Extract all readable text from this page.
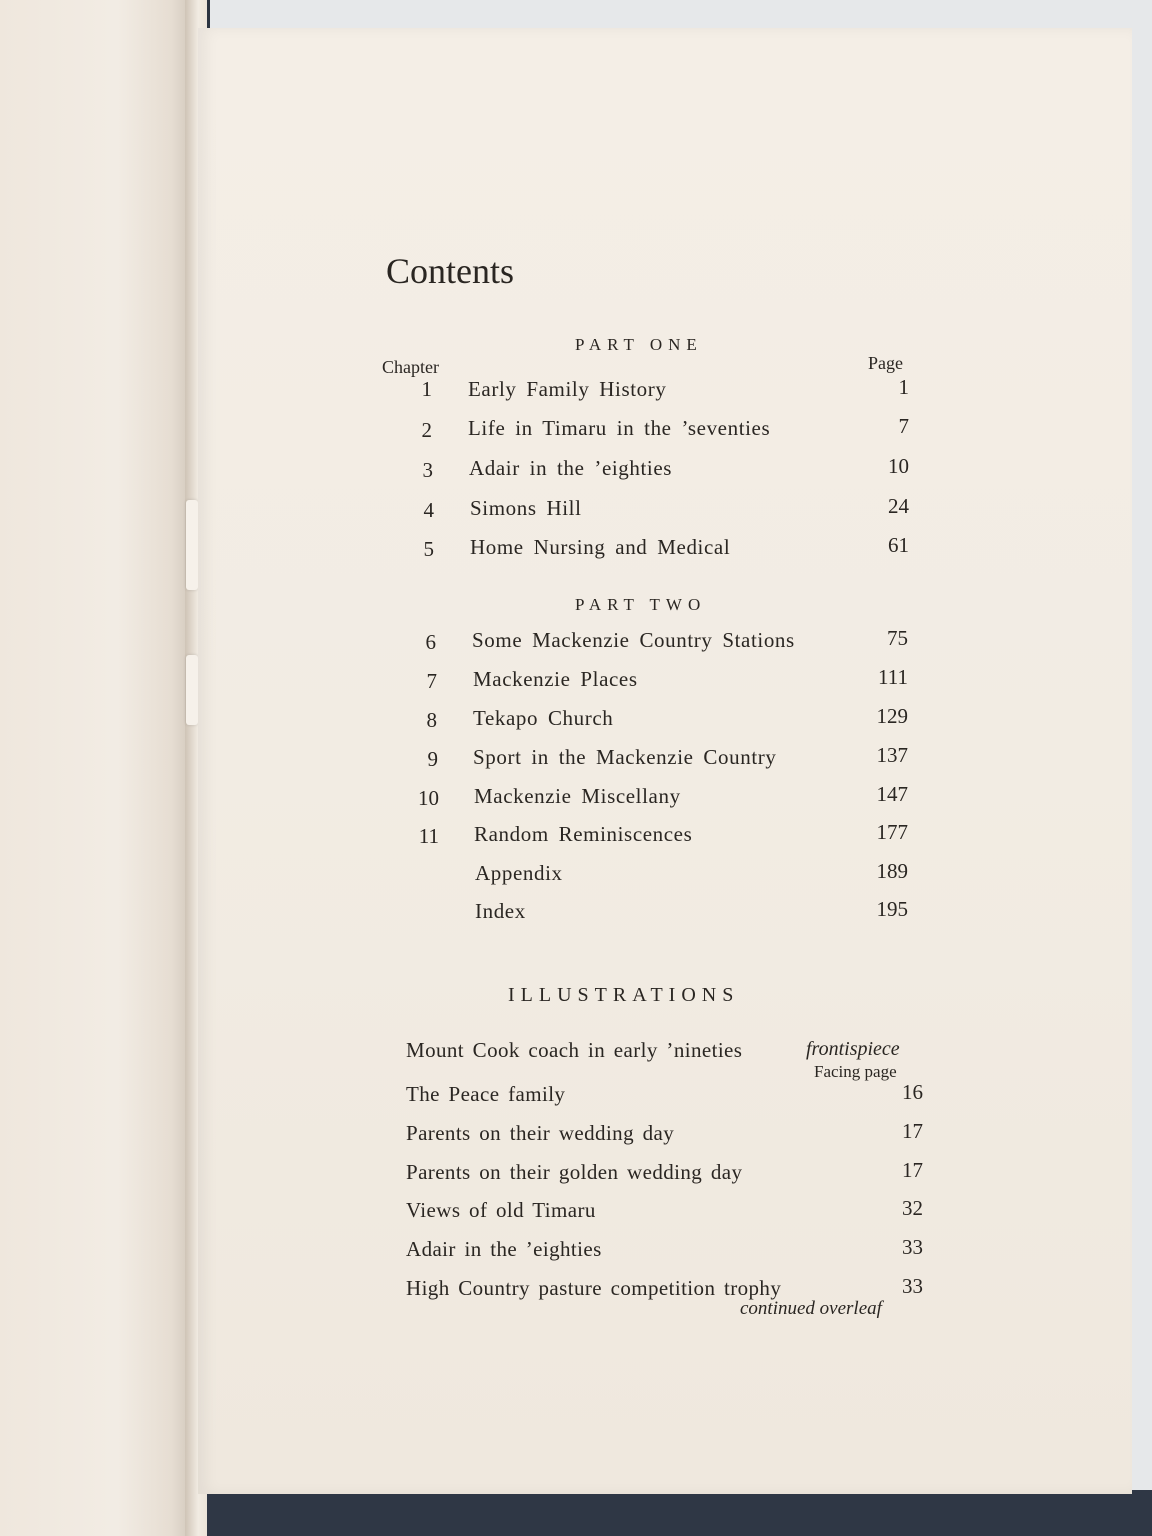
Contents
PART ONE
Chapter	Page
1 Early Family History	1
2 Life in Timaru in the ’seventies	7
3 Adair in the ’eighties	10
4 Simons Hill	24
5 Home Nursing and Medical	61
PART TWO
6 Some Mackenzie Country Stations	75
7 Mackenzie Places	111
8 Tekapo Church	129
9 Sport in the Mackenzie Country	137
10 Mackenzie Miscellany	147
11 Random Reminiscences	177
Appendix	189
Index	195
ILLUSTRATIONS
Mount Cook coach in early ’nineties	frontispiece
Facing page
The Peace family	16
Parents on their wedding day	17
Parents on their golden wedding day	17
Views of old Timaru	32
Adair in the ’eighties	33
High Country pasture competition trophy	33
continued overleaf
